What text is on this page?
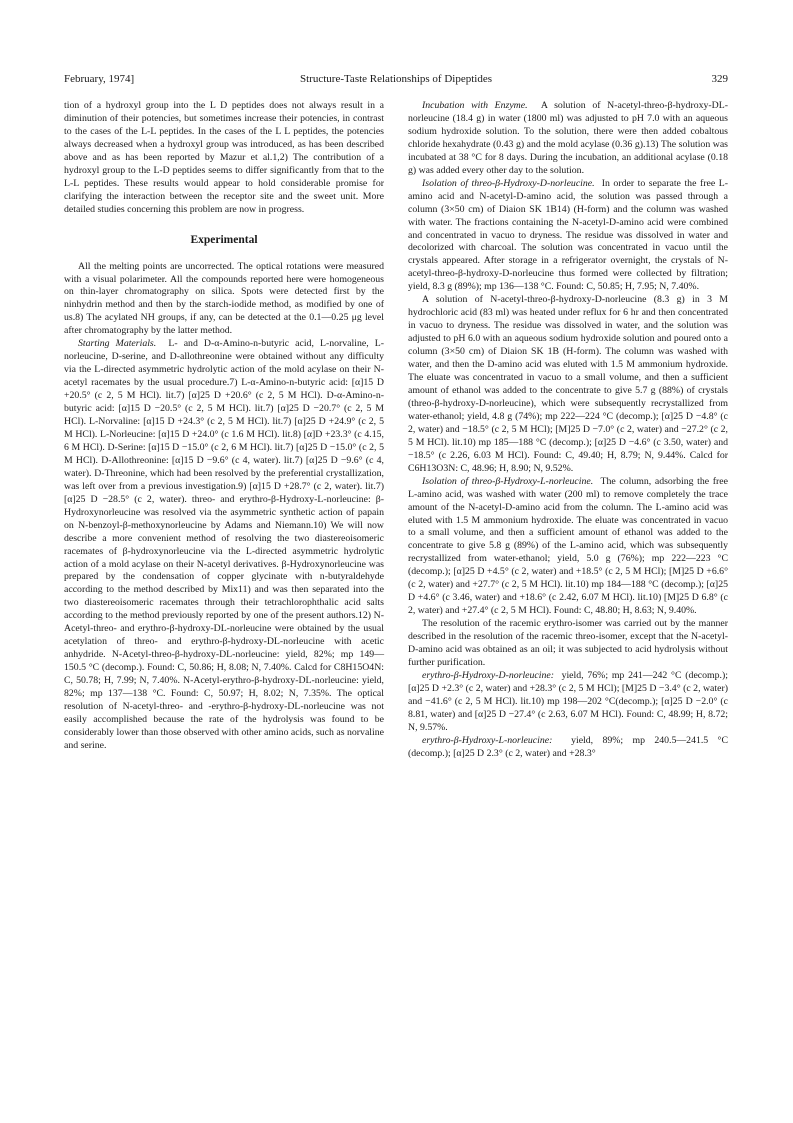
February, 1974]	Structure-Taste Relationships of Dipeptides	329

tion of a hydroxyl group into the L D peptides does not always result in a diminution of their potencies, but sometimes increase their potencies, in contrast to the cases of the L-L peptides. In the cases of the L L peptides, the potencies always decreased when a hydroxyl group was introduced, as has been described above and as has been reported by Mazur et al.1,2) The contribution of a hydroxyl group to the L-D peptides seems to differ significantly from that to the L-L peptides. These results would appear to hold considerable promise for clarifying the interaction between the receptor site and the sweet unit. More detailed studies concerning this problem are now in progress.

Experimental

All the melting points are uncorrected. The optical rotations were measured with a visual polarimeter. All the compounds reported here were homogeneous on thin-layer chromatography on silica. Spots were detected first by the ninhydrin method and then by the starch-iodide method, as modified by one of us.8) The acylated NH groups, if any, can be detected at the 0.1—0.25 μg level after chromatography by the latter method.

Starting Materials. L- and D-α-Amino-n-butyric acid, L-norvaline, L-norleucine, D-serine, and D-allothreonine were obtained without any difficulty via the L-directed asymmetric hydrolytic action of the mold acylase on their N-acetyl racemates by the usual procedure.7) L-α-Amino-n-butyric acid: [α]15 D +20.5° (c 2, 5 M HCl). lit.7) [α]25 D +20.6° (c 2, 5 M HCl). D-α-Amino-n-butyric acid: [α]15 D −20.5° (c 2, 5 M HCl). lit.7) [α]25 D −20.7° (c 2, 5 M HCl). L-Norvaline: [α]15 D +24.3° (c 2, 5 M HCl). lit.7) [α]25 D +24.9° (c 2, 5 M HCl). L-Norleucine: [α]15 D +24.0° (c 1.6 M HCl). lit.8) [α]D +23.3° (c 4.15, 6 M HCl). D-Serine: [α]15 D −15.0° (c 2, 6 M HCl). lit.7) [α]25 D −15.0° (c 2, 5 M HCl). D-Allothreonine: [α]15 D −9.6° (c 4, water). lit.7) [α]25 D −9.6° (c 4, water). D-Threonine, which had been resolved by the preferential crystallization, was left over from a previous investigation.9) [α]15 D +28.7° (c 2, water). lit.7) [α]25 D −28.5° (c 2, water). threo- and erythro-β-Hydroxy-L-norleucine: β-Hydroxynorleucine was resolved via the asymmetric synthetic action of papain on N-benzoyl-β-methoxynorleucine by Adams and Niemann.10) We will now describe a more convenient method of resolving the two diastereoisomeric racemates of β-hydroxynorleucine via the L-directed asymmetric hydrolytic action of a mold acylase on their N-acetyl derivatives. β-Hydroxynorleucine was prepared by the condensation of copper glycinate with n-butyraldehyde according to the method described by Mix11) and was then separated into the two diastereoisomeric racemates through their tetrachlorophthalic acid salts according to the method previously reported by one of the present authors.12) N-Acetyl-threo- and erythro-β-hydroxy-DL-norleucine were obtained by the usual acetylation of threo- and erythro-β-hydroxy-DL-norleucine with acetic anhydride. N-Acetyl-threo-β-hydroxy-DL-norleucine: yield, 82%; mp 149—150.5 °C (decomp.). Found: C, 50.86; H, 8.08; N, 7.40%. Calcd for C8H15O4N: C, 50.78; H, 7.99; N, 7.40%. N-Acetyl-erythro-β-hydroxy-DL-norleucine: yield, 82%; mp 137—138 °C. Found: C, 50.97; H, 8.02; N, 7.35%. The optical resolution of N-acetyl-threo- and -erythro-β-hydroxy-DL-norleucine was not easily accomplished because the rate of the hydrolysis was found to be considerably lower than those observed with other amino acids, such as norvaline and serine.

Incubation with Enzyme. A solution of N-acetyl-threo-β-hydroxy-DL-norleucine (18.4 g) in water (1800 ml) was adjusted to pH 7.0 with an aqueous sodium hydroxide solution. To the solution, there were then added cobaltous chloride hexahydrate (0.43 g) and the mold acylase (0.36 g).13) The solution was incubated at 38 °C for 8 days. During the incubation, an additional acylase (0.18 g) was added every other day to the solution.

Isolation of threo-β-Hydroxy-D-norleucine. In order to separate the free L-amino acid and N-acetyl-D-amino acid, the solution was passed through a column (3×50 cm) of Diaion SK 1B14) (H-form) and the column was washed with water. The fractions containing the N-acetyl-D-amino acid were combined and concentrated in vacuo to dryness. The residue was dissolved in water and decolorized with charcoal. The solution was concentrated in vacuo until the crystals appeared. After storage in a refrigerator overnight, the crystals of N-acetyl-threo-β-hydroxy-D-norleucine thus formed were collected by filtration; yield, 8.3 g (89%); mp 136—138 °C. Found: C, 50.85; H, 7.95; N, 7.40%.

A solution of N-acetyl-threo-β-hydroxy-D-norleucine (8.3 g) in 3 M hydrochloric acid (83 ml) was heated under reflux for 6 hr and then concentrated in vacuo to dryness. The residue was dissolved in water, and the solution was adjusted to pH 6.0 with an aqueous sodium hydroxide solution and poured onto a column (3×50 cm) of Diaion SK 1B (H-form). The column was washed with water, and then the D-amino acid was eluted with 1.5 M ammonium hydroxide. The eluate was concentrated in vacuo to a small volume, and then a sufficient amount of ethanol was added to the concentrate to give 5.7 g (88%) of crystals (threo-β-hydroxy-D-norleucine), which were subsequently recrystallized from water-ethanol; yield, 4.8 g (74%); mp 222—224 °C (decomp.); [α]25 D −4.8° (c 2, water) and −18.5° (c 2, 5 M HCl); [M]25 D −7.0° (c 2, water) and −27.2° (c 2, 5 M HCl). lit.10) mp 185—188 °C (decomp.); [α]25 D −4.6° (c 3.50, water) and −18.5° (c 2.26, 6.03 M HCl). Found: C, 49.40; H, 8.79; N, 9.44%. Calcd for C6H13O3N: C, 48.96; H, 8.90; N, 9.52%.

Isolation of threo-β-Hydroxy-L-norleucine. The column, adsorbing the free L-amino acid, was washed with water (200 ml) to remove completely the trace amount of the N-acetyl-D-amino acid from the column. The L-amino acid was eluted with 1.5 M ammonium hydroxide. The eluate was concentrated in vacuo to a small volume, and then a sufficient amount of ethanol was added to the concentrate to give 5.8 g (89%) of the L-amino acid, which was subsequently recrystallized from water-ethanol; yield, 5.0 g (76%); mp 222—223 °C (decomp.); [α]25 D +4.5° (c 2, water) and +18.5° (c 2, 5 M HCl); [M]25 D +6.6° (c 2, water) and +27.7° (c 2, 5 M HCl). lit.10) mp 184—188 °C (decomp.); [α]25 D +4.6° (c 3.46, water) and +18.6° (c 2.42, 6.07 M HCl). lit.10) [M]25 D 6.8° (c 2, water) and +27.4° (c 2, 5 M HCl). Found: C, 48.80; H, 8.63; N, 9.40%.

The resolution of the racemic erythro-isomer was carried out by the manner described in the resolution of the racemic threo-isomer, except that the N-acetyl-D-amino acid was obtained as an oil; it was subjected to acid hydrolysis without further purification.

erythro-β-Hydroxy-D-norleucine: yield, 76%; mp 241—242 °C (decomp.); [α]25 D +2.3° (c 2, water) and +28.3° (c 2, 5 M HCl); [M]25 D −3.4° (c 2, water) and −41.6° (c 2, 5 M HCl). lit.10) mp 198—202 °C(decomp.); [α]25 D −2.0° (c 8.81, water) and [α]25 D −27.4° (c 2.63, 6.07 M HCl). Found: C, 48.99; H, 8.72; N, 9.57%.

erythro-β-Hydroxy-L-norleucine: yield, 89%; mp 240.5—241.5 °C (decomp.); [α]25 D 2.3° (c 2, water) and +28.3°
